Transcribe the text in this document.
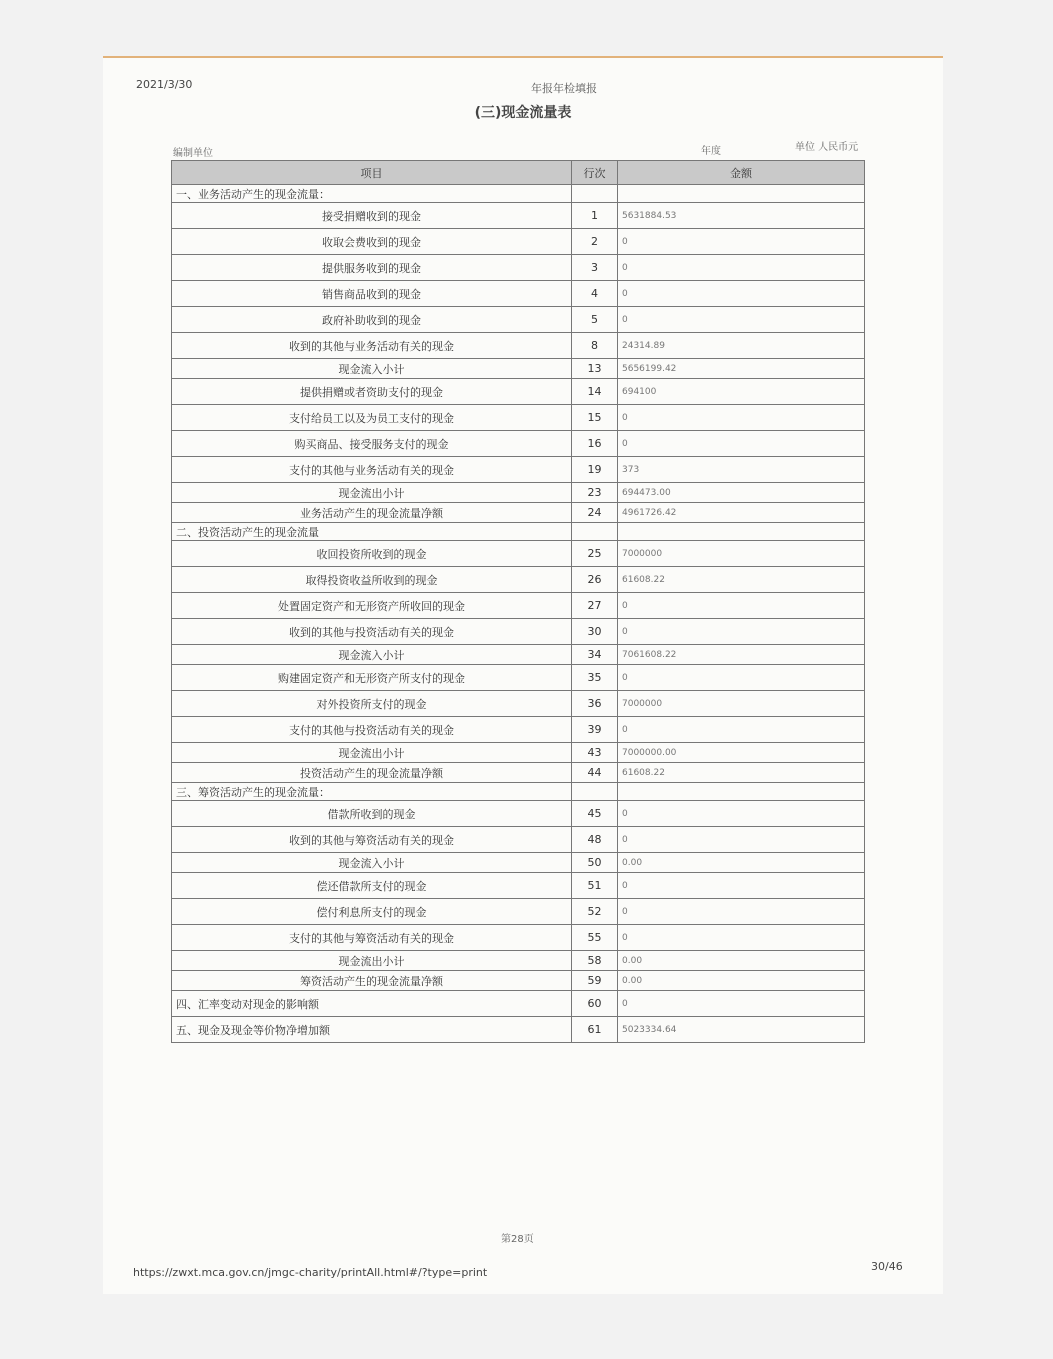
2021/3/30	年报年检填报
(三)现金流量表
编制单位	年度	单位 人民币元
项目	行次	金额
一、业务活动产生的现金流量：		
接受捐赠收到的现金	1	5631884.53
收取会费收到的现金	2	0
提供服务收到的现金	3	0
销售商品收到的现金	4	0
政府补助收到的现金	5	0
收到的其他与业务活动有关的现金	8	24314.89
现金流入小计	13	5656199.42
提供捐赠或者资助支付的现金	14	694100
支付给员工以及为员工支付的现金	15	0
购买商品、接受服务支付的现金	16	0
支付的其他与业务活动有关的现金	19	373
现金流出小计	23	694473.00
业务活动产生的现金流量净额	24	4961726.42
二、投资活动产生的现金流量		
收回投资所收到的现金	25	7000000
取得投资收益所收到的现金	26	61608.22
处置固定资产和无形资产所收回的现金	27	0
收到的其他与投资活动有关的现金	30	0
现金流入小计	34	7061608.22
购建固定资产和无形资产所支付的现金	35	0
对外投资所支付的现金	36	7000000
支付的其他与投资活动有关的现金	39	0
现金流出小计	43	7000000.00
投资活动产生的现金流量净额	44	61608.22
三、筹资活动产生的现金流量：		
借款所收到的现金	45	0
收到的其他与筹资活动有关的现金	48	0
现金流入小计	50	0.00
偿还借款所支付的现金	51	0
偿付利息所支付的现金	52	0
支付的其他与筹资活动有关的现金	55	0
现金流出小计	58	0.00
筹资活动产生的现金流量净额	59	0.00
四、汇率变动对现金的影响额	60	0
五、现金及现金等价物净增加额	61	5023334.64
第28页
https://zwxt.mca.gov.cn/jmgc-charity/printAll.html#/?type=print	30/46
